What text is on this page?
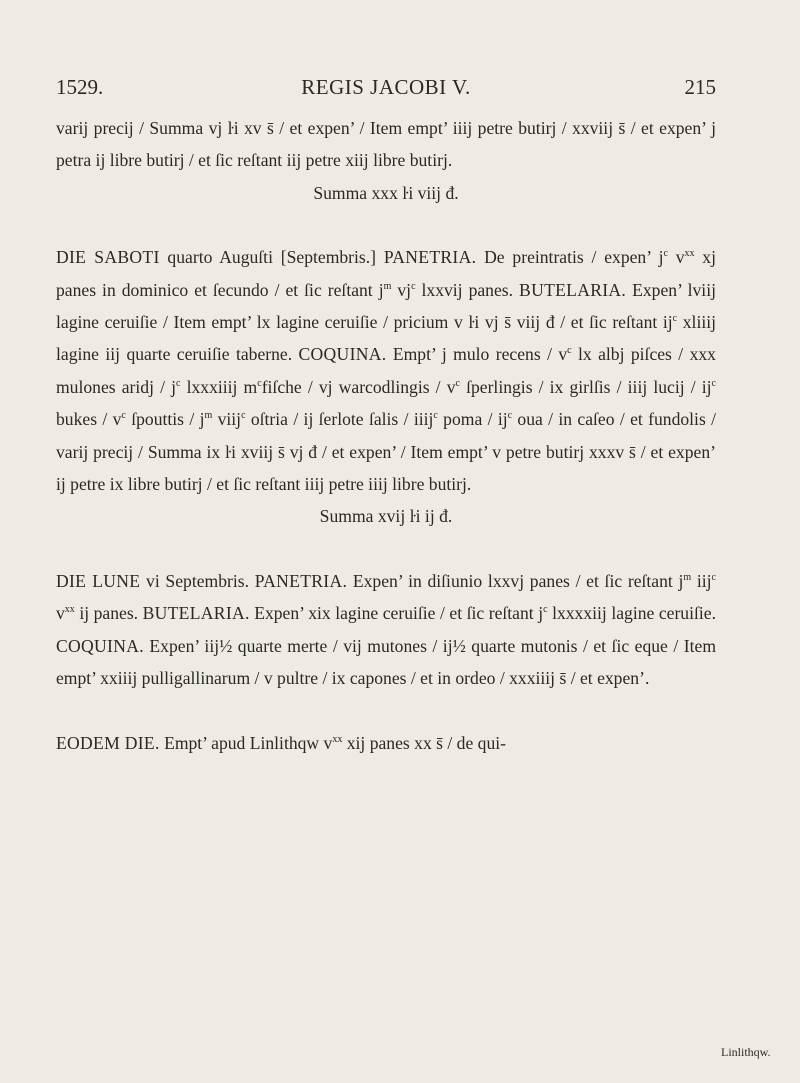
1529.	REGIS JACOBI V.	215

varij precij / Summa vj ŀi xv s̄ / et expen’ / Item empt’ iiij petre butirj / xxviij s̄ / et expen’ j petra ij libre butirj / et ſic reſtant iij petre xiij libre butirj.

Summa xxx ŀi viij đ.

DIE SABOTI quarto Auguſti [Septembris.] PANETRIA. De preintratis / expen’ $j^c$ $v^{xx}$ xj panes in dominico et ſecundo / et ſic reſtant $j^m$ $vj^c$ lxxvij panes. BUTELARIA. Expen’ lviij lagine ceruiſie / Item empt’ lx lagine ceruiſie / pricium v ŀi vj s̄ viij đ / et ſic reſtant $ij^c$ xliiij lagine iij quarte ceruiſie taberne. COQUINA. Empt’ j mulo recens / $v^c$ lx albj piſces / xxx mulones aridj / $j^c$ lxxxiiij $m^cfiſche$ / vj warcodlingis / $v^c$ ſperlingis / ix girlſis / iiij lucij / $ij^c$ bukes / $v^c$ ſpouttis / $j^m$ viij$^c$ oſtria / ij ſerlote ſalis / iiij$^c$ poma / $ij^c$ oua / in caſeo / et fundolis / varij precij / Summa ix ŀi xviij s̄ vj đ / et expen’ / Item empt’ v petre butirj xxxv s̄ / et expen’ ij petre ix libre butirj / et ſic reſtant iiij petre iiij libre butirj.

Summa xvij ŀi ij đ.

DIE LUNE vi Septembris. PANETRIA. Expen’ in diſiunio lxxvj panes / et ſic reſtant $j^m$ iij$^c$ $v^{xx}$ ij panes. BUTELARIA. Expen’ xix lagine ceruiſie / et ſic reſtant $j^c$ lxxxxiij lagine ceruiſie. COQUINA. Expen’ iij½ quarte merte / vij mutones / ij½ quarte mutonis / et ſic eque / Item empt’ xxiiij pulligallinarum / v pultre / ix capones / et in ordeo / xxxiiij s̄ / et expen’.

EODEM DIE. Empt’ apud Linlithqw $v^{xx}$ xij panes xx s̄ / de qui-

Linlithqw.
